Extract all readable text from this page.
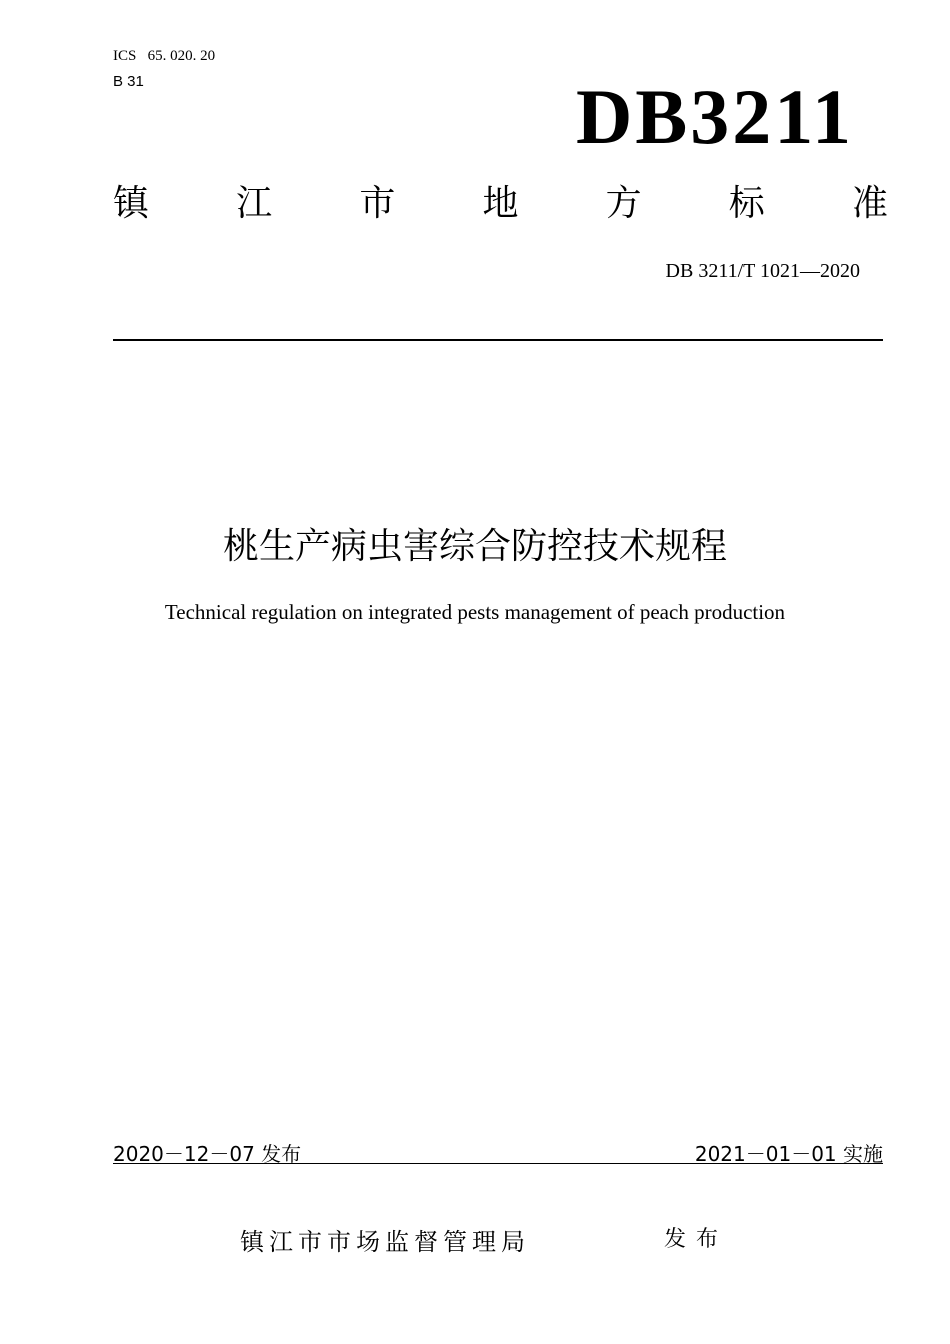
ICS   65. 020. 20
B 31	DB3211
镇 江 市 地 方 标 准
DB 3211/T 1021—2020
桃生产病虫害综合防控技术规程
Technical regulation on integrated pests management of peach production
2020－12－07 发布	2021－01－01 实施
镇江市市场监督管理局	发布
